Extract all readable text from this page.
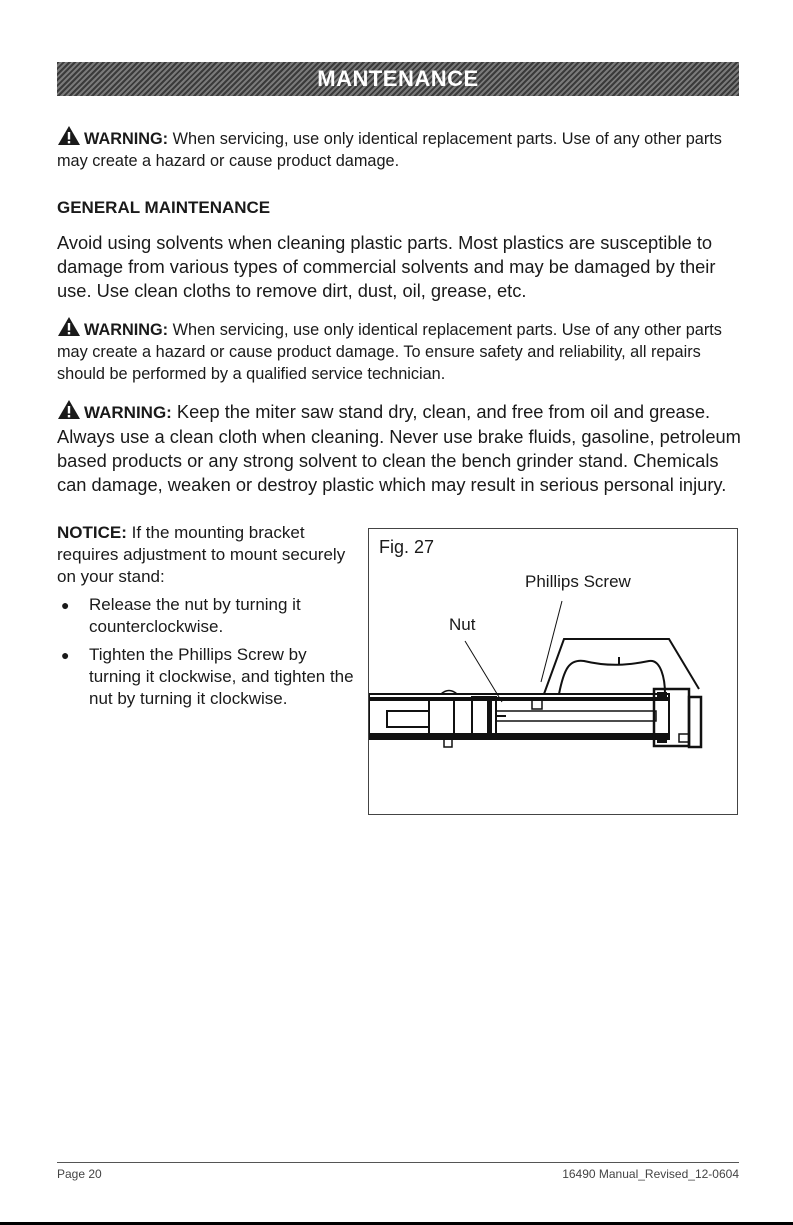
MANTENANCE
WARNING: When servicing, use only identical replacement parts. Use of any other parts may create a hazard or cause product damage.
GENERAL MAINTENANCE
Avoid using solvents when cleaning plastic parts. Most plastics are susceptible to damage from various types of commercial solvents and may be damaged by their use. Use clean cloths to remove dirt, dust, oil, grease, etc.
WARNING: When servicing, use only identical replacement parts. Use of any other parts may create a hazard or cause product damage. To ensure safety and reliability, all repairs should be performed by a qualified service technician.
WARNING: Keep the miter saw stand dry, clean, and free from oil and grease. Always use a clean cloth when cleaning. Never use brake fluids, gasoline, petroleum based products or any strong solvent to clean the bench grinder stand. Chemicals can damage, weaken or destroy plastic which may result in serious personal injury.
NOTICE: If the mounting bracket requires adjustment to mount securely on your stand:
● Release the nut by turning it counterclockwise.
● Tighten the Phillips Screw by turning it clockwise, and tighten the nut by turning it clockwise.
Fig. 27
Phillips Screw
Nut
Page 20	16490 Manual_Revised_12-0604
